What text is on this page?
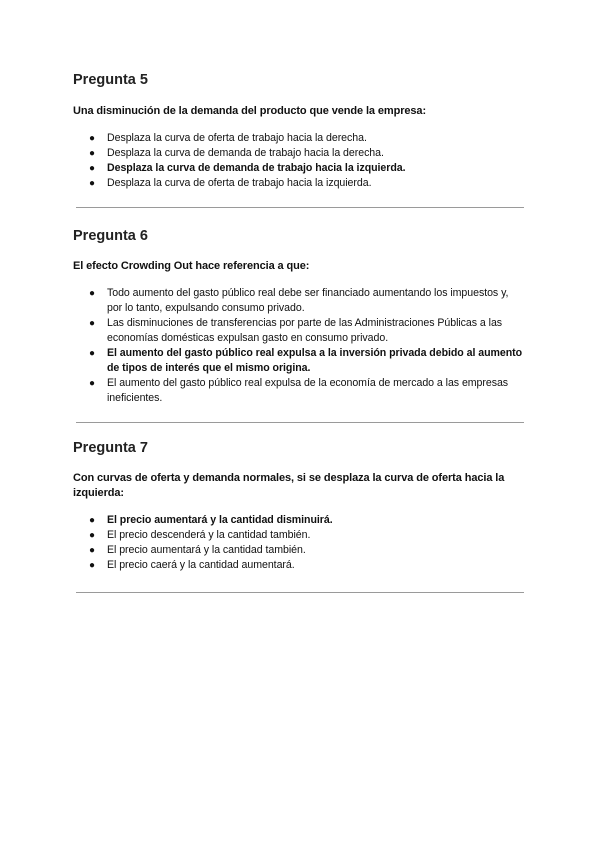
Pregunta 5

Una disminución de la demanda del producto que vende la empresa:

● Desplaza la curva de oferta de trabajo hacia la derecha.
● Desplaza la curva de demanda de trabajo hacia la derecha.
● Desplaza la curva de demanda de trabajo hacia la izquierda.
● Desplaza la curva de oferta de trabajo hacia la izquierda.
Pregunta 6

El efecto Crowding Out hace referencia a que:

● Todo aumento del gasto público real debe ser financiado aumentando los impuestos y, por lo tanto, expulsando consumo privado.
● Las disminuciones de transferencias por parte de las Administraciones Públicas a las economías domésticas expulsan gasto en consumo privado.
● El aumento del gasto público real expulsa a la inversión privada debido al aumento de tipos de interés que el mismo origina.
● El aumento del gasto público real expulsa de la economía de mercado a las empresas ineficientes.
Pregunta 7

Con curvas de oferta y demanda normales, si se desplaza la curva de oferta hacia la izquierda:

● El precio aumentará y la cantidad disminuirá.
● El precio descenderá y la cantidad también.
● El precio aumentará y la cantidad también.
● El precio caerá y la cantidad aumentará.
